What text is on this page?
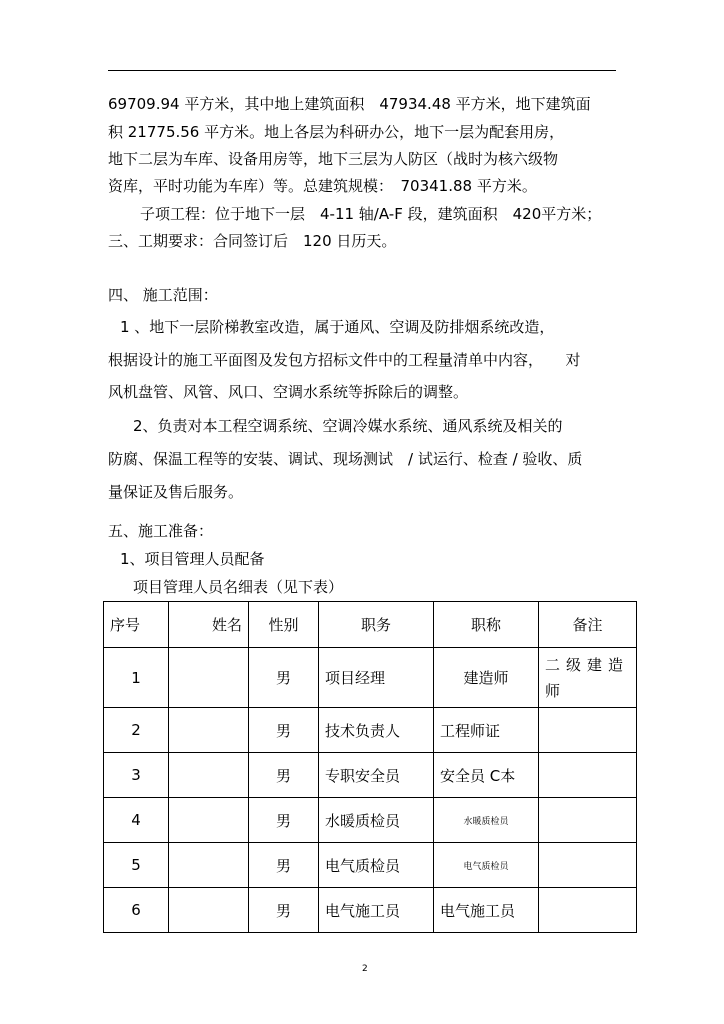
69709.94 平方米，其中地上建筑面积　47934.48 平方米，地下建筑面
积 21775.56 平方米。地上各层为科研办公，地下一层为配套用房，
地下二层为车库、设备用房等，地下三层为人防区（战时为核六级物
资库，平时功能为车库）等。总建筑规模：　70341.88 平方米。
子项工程：位于地下一层　4-11 轴/A-F 段，建筑面积　420平方米；
三、工期要求：合同签订后　120 日历天。
四、 施工范围：
1 、地下一层阶梯教室改造，属于通风、空调及防排烟系统改造，
根据设计的施工平面图及发包方招标文件中的工程量清单中内容，　　对
风机盘管、风管、风口、空调水系统等拆除后的调整。
2、负责对本工程空调系统、空调冷媒水系统、通风系统及相关的
防腐、保温工程等的安装、调试、现场测试　/ 试运行、检查 / 验收、质
量保证及售后服务。
五、施工准备：
1、项目管理人员配备
项目管理人员名细表（见下表）
序号	姓名	性别	职务	职称	备注
1		男	项目经理	建造师	二级建造师
2		男	技术负责人	工程师证	
3		男	专职安全员	安全员 C本	
4		男	水暖质检员	水暖质检员	
5		男	电气质检员	电气质检员	
6		男	电气施工员	电气施工员	
2
